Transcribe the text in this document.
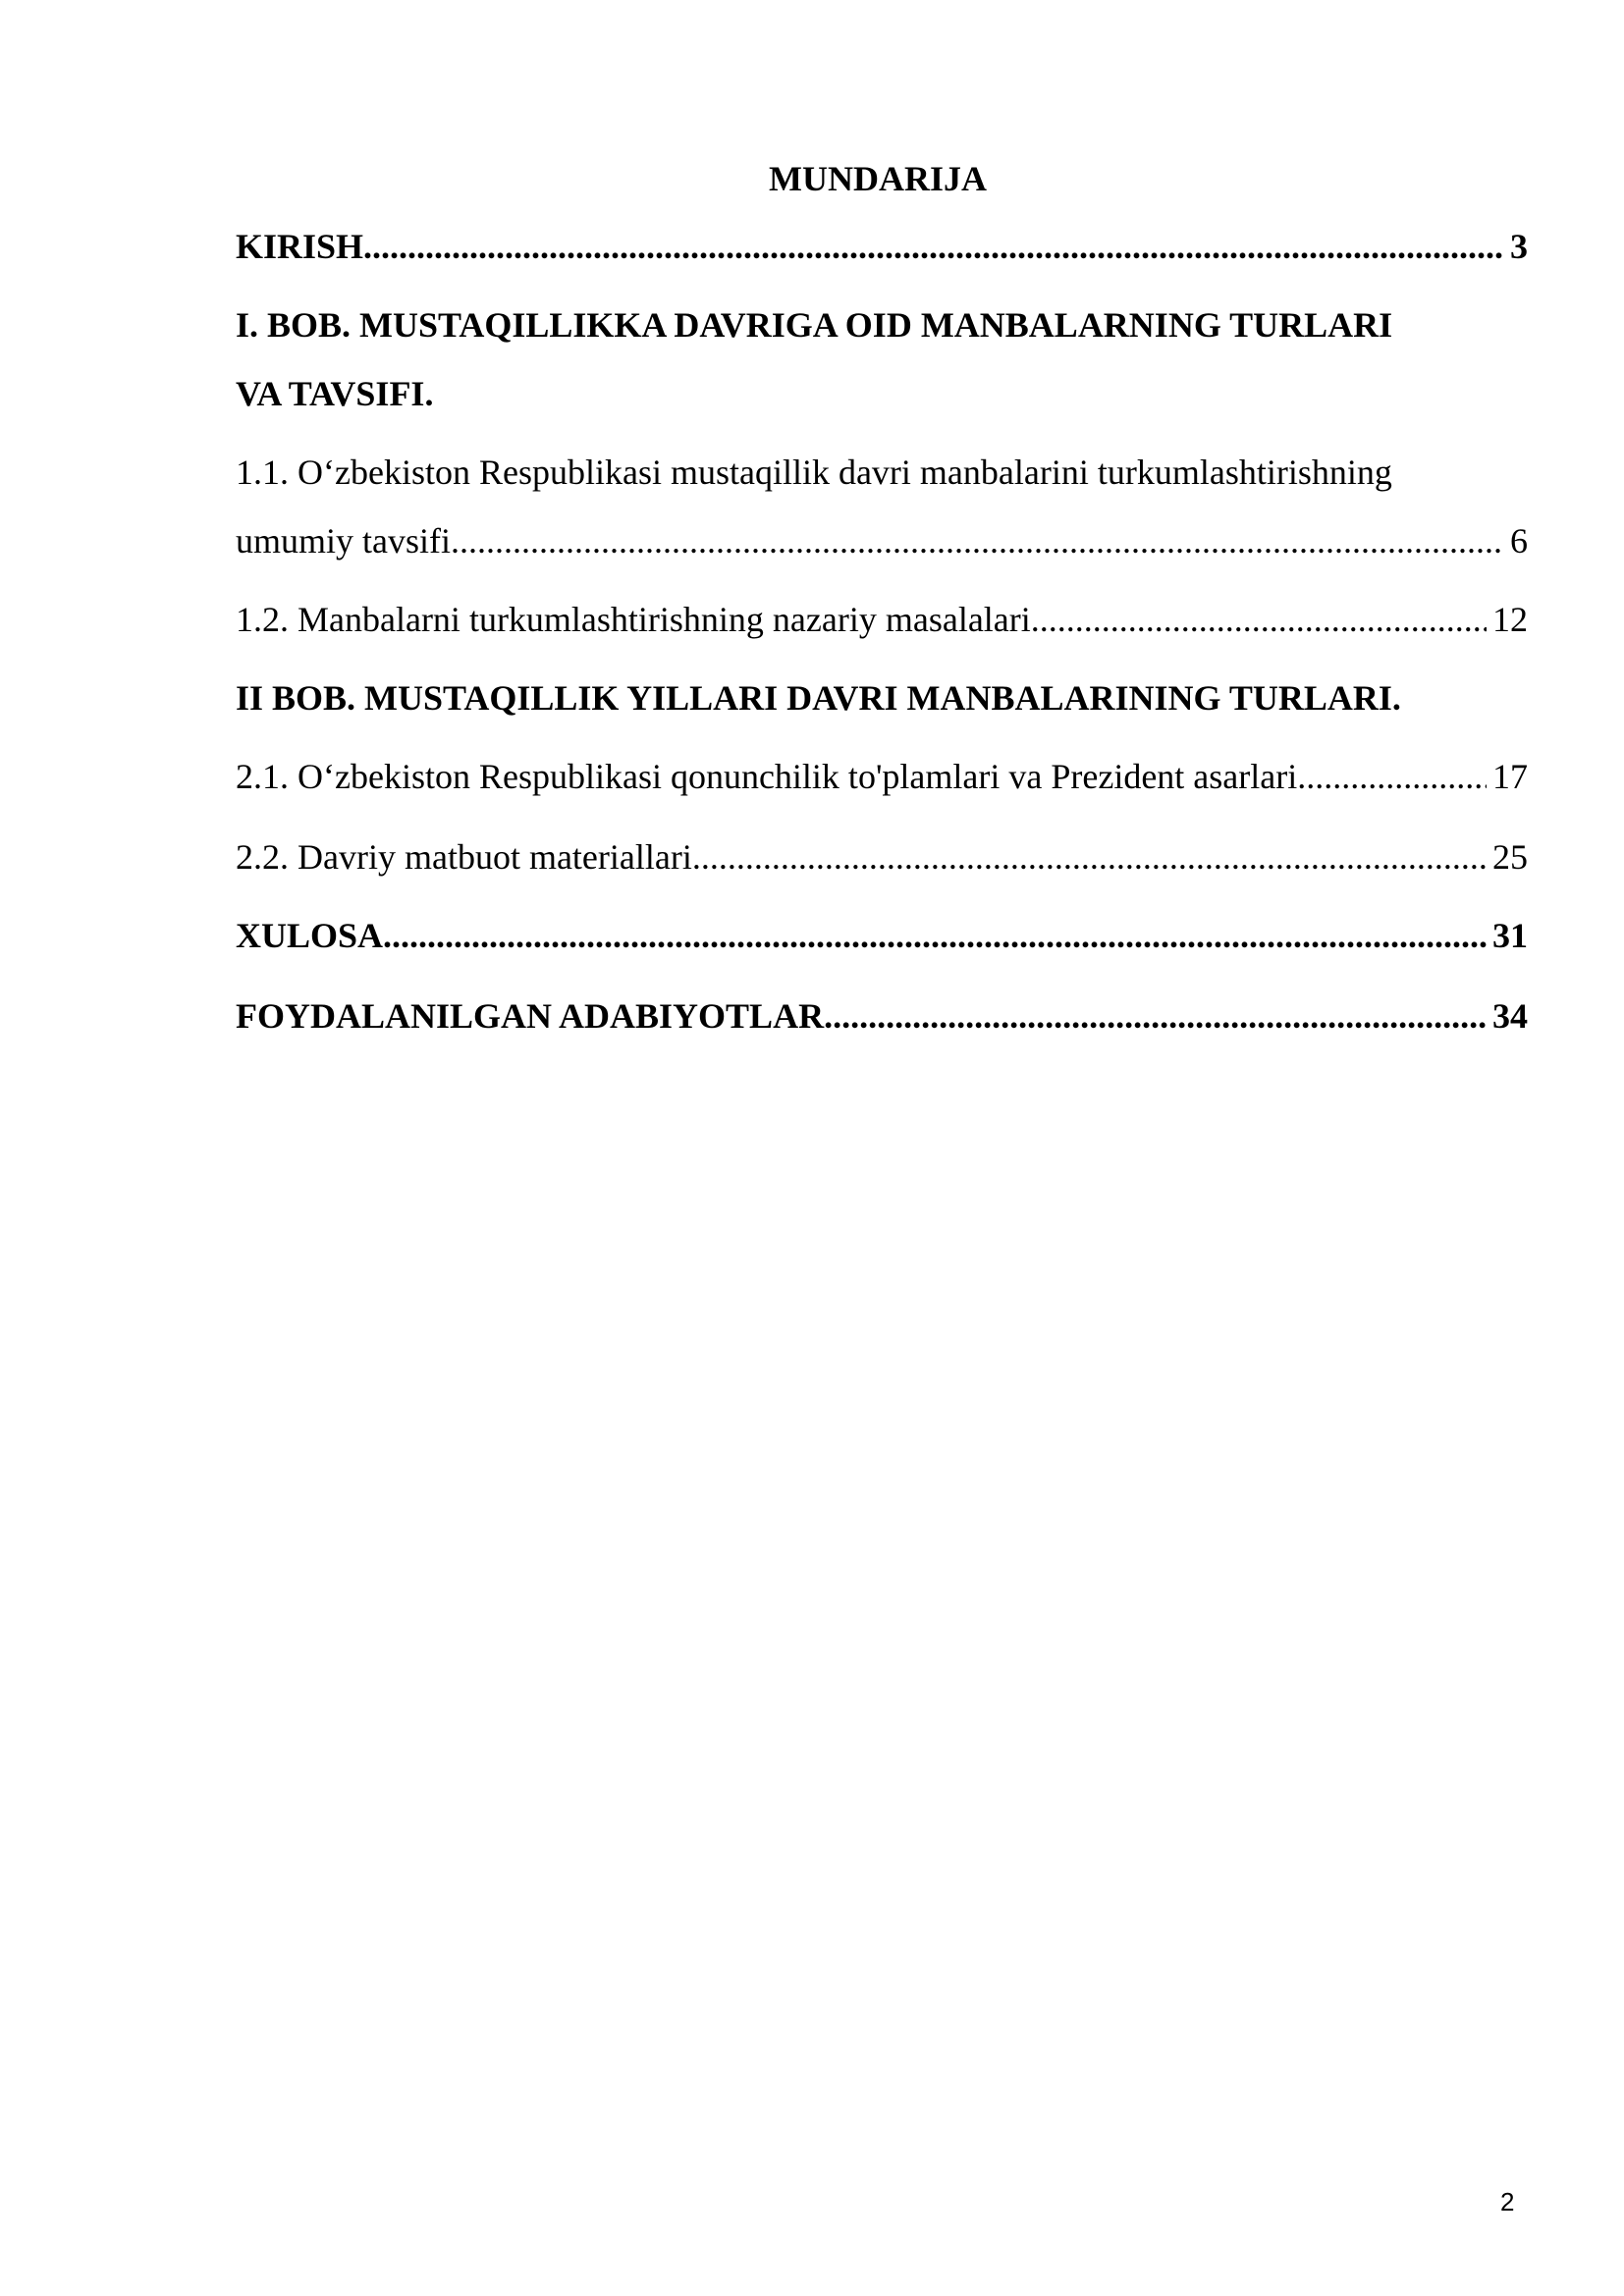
MUNDARIJA
KIRISH .....	3
I. BOB. MUSTAQILLIKKA DAVRIGA OID MANBALARNING TURLARI
VA TAVSIFI.
1.1. O‘zbekiston Respublikasi mustaqillik davri manbalarini turkumlashtirishning
umumiy tavsifi .....	6
1.2. Manbalarni turkumlashtirishning nazariy masalalari. .....	12
II BOB. MUSTAQILLIK YILLARI DAVRI MANBALARINING TURLARI.
2.1. O‘zbekiston Respublikasi qonunchilik to'plamlari va Prezident asarlari. .....	17
2.2. Davriy matbuot materiallari. .....	25
XULOSA .....	31
FOYDALANILGAN ADABIYOTLAR .....	34
2
